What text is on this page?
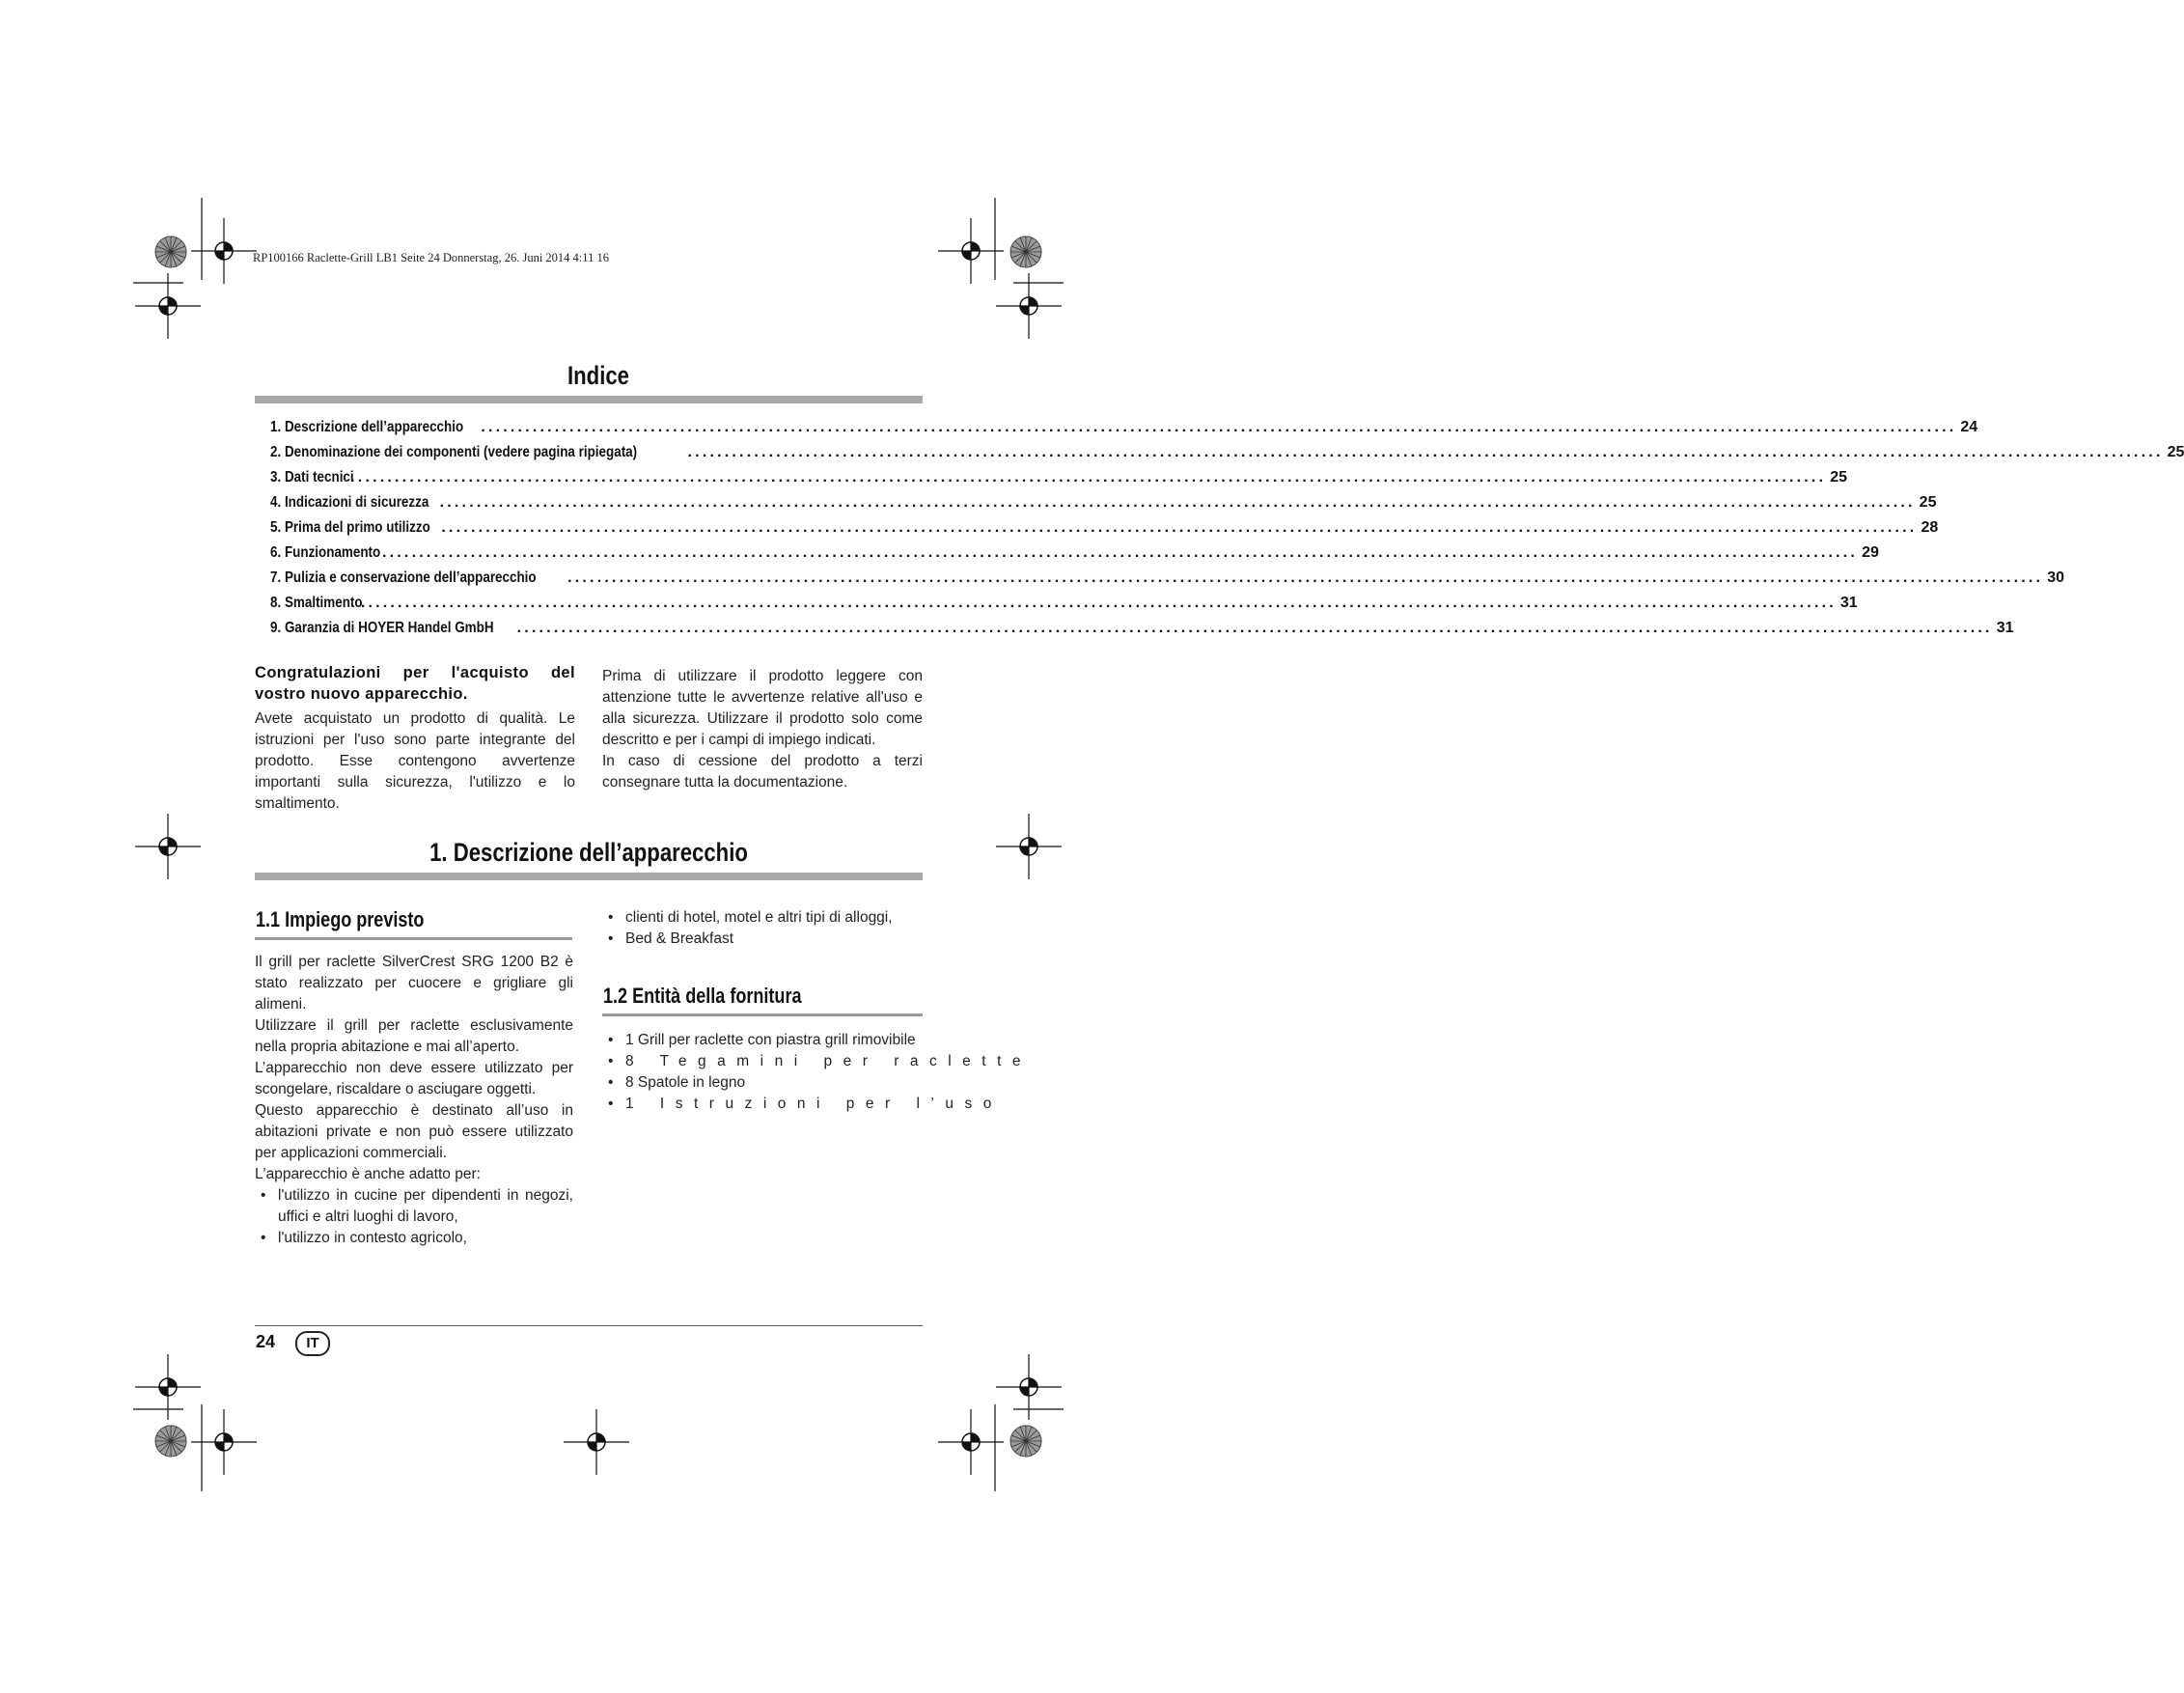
RP100166 Raclette-Grill LB1 Seite 24 Donnerstag, 26. Juni 2014 4:11 16
Indice
1. Descrizione dell’apparecchio ........................................................................................................................................................................................................ 24
2. Denominazione dei componenti (vedere pagina ripiegata)	........................................................................................................................................................................................................ 25
3. Dati tecnici
........................................................................................................................................................................................................ 25
4. Indicazioni di sicurezza ........................................................................................................................................................................................................ 25
5. Prima del primo utilizzo ........................................................................................................................................................................................................ 28
6. Funzionamento ........................................................................................................................................................................................................ 29
7. Pulizia e conservazione dell’apparecchio ........................................................................................................................................................................................................ 30
8. Smaltimento
........................................................................................................................................................................................................ 31
9. Garanzia di HOYER Handel GmbH ........................................................................................................................................................................................................ 31
Congratulazioni per l'acquisto del vostro nuovo apparecchio.

Avete acquistato un prodotto di qualità. Le istruzioni per l'uso sono parte integrante del prodotto. Esse contengono avvertenze importanti sulla sicurezza, l'utilizzo e lo smaltimento.

Prima di utilizzare il prodotto leggere con attenzione tutte le avvertenze relative all'uso e alla sicurezza. Utilizzare il prodotto solo come descritto e per i campi di impiego indicati.

In caso di cessione del prodotto a terzi consegnare tutta la documentazione.

1. Descrizione dell’apparecchio
1.1 Impiego previsto

Il grill per raclette SilverCrest SRG 1200 B2 è stato realizzato per cuocere e grigliare gli alimeni.

Utilizzare il grill per raclette esclusivamente nella propria abitazione e mai all’aperto.

L’apparecchio non deve essere utilizzato per scongelare, riscaldare o asciugare oggetti.

Questo apparecchio è destinato all’uso in abitazioni private e non può essere utilizzato per applicazioni commerciali.

L'apparecchio è anche adatto per:

• l'utilizzo in cucine per dipendenti in negozi, uffici e altri luoghi di lavoro,
• l'utilizzo in contesto agricolo,
• clienti di hotel, motel e altri tipi di alloggi,
• Bed & Breakfast
1.2 Entità della fornitura
• 1 Grill per raclette con piastra grill rimovibile
• 8 Tegamini per raclette
• 8 Spatole in legno
• 1 Istruzioni per l’uso
24	IT
